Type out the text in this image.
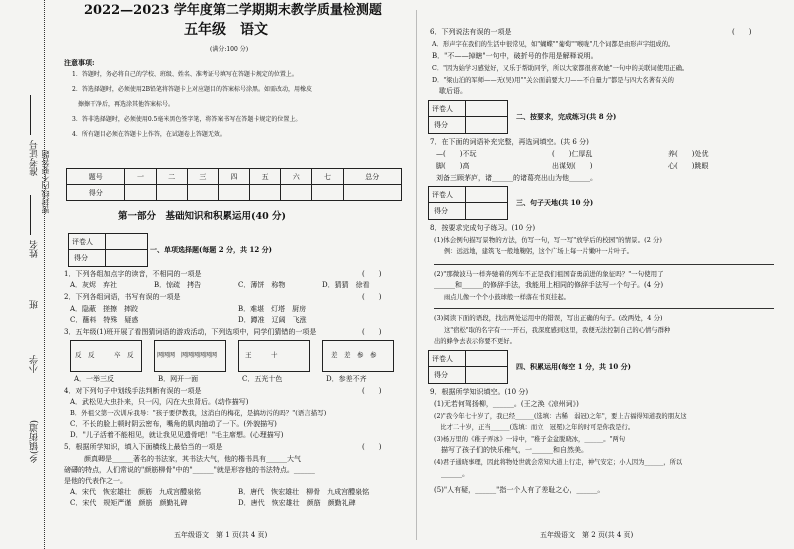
准考证号
姓名
班
小学
乡(镇街道)
密封线内不要答题
2022—2023 学年度第二学期期末教学质量检测题
五年级　语文
(满分:100 分)
注意事项:
1．答题时，务必将自己的学校、班级、姓名、准考证号填写在答题卡规定的位置上。
2．答选择题时，必须使用2B铅笔将答题卡上对应题目的答案标号涂黑。如需改动，用橡皮
　擦擦干净后，再选涂其他答案标号。
3．答非选择题时，必须使用0.5毫米黑色签字笔，将答案书写在答题卡规定的位置上。
4．所有题目必须在答题卡上作答，在试题卷上答题无效。
题号	一	二	三	四	五	六	七	总分
得分								
第一部分　基础知识和积累运用(40 分)
评卷人
得分
一、单项选择题(每题 2 分，共 12 分)
1．下列各组加点字的读音，不相同的一项是	(　　)
A．灰烬　弃社	B．惊疏　拷告	C．薄饼　称物	D．猜猜　徐看
2．下列各组词语，书写有误的一项是	(　　)
A．隐蔽　搓擦　摔跤	B．难堪　灯塔　厨房
C．蘸料　特殊　疑惑	D．蹲准　辽阔　飞涨
3．五年级(1)班开展了看图猜词语的游戏活动，下列选项中，同学们猜错的一项是	(　　)
反　反　　　卒　反	网网网　网网网网网网	王　　　十	差　差　参　参
A．一举三反	B．网开一面	C．五光十色	D．参差不齐
4．对下列句子中划线手法判断有误的一项是	(　　)
A．武松见大虫扑来，只一闪，闪在大虫背后。(动作描写)
B．外祖父第一次训斥我导："孩子要伊教我，这消白的梅花，是搞坊污的吗？"(语言描写)
C．不长的脸上顿时阴云密布，嘴角的肌肉抽动了一下。(外貌描写)
D．"儿子活着不能相见，就让我见见遗骨吧！"毛主席想。(心理描写)
5．根据所学知识，填入下面横线上最恰当的一项是	(　　)
　　颜真卿是______著名的书法家，其书法大气，他的楷书具有______大气
磅礴的特点，人们常说的"颜筋柳骨"中的"______"就是形容他的书法特点。______
是他的代表作之一。
A．宋代　恢宏雄壮　颜筋　九成宫醴泉铭	B．唐代　恢宏雄壮　柳骨　九成宫醴泉铭
C．宋代　规矩严谨　颜筋　颜勤礼碑	D．唐代　恢宏雄壮　颜筋　颜勤礼碑
五年级语文　第 1 页(共 4 页)
6．下列说法有误的一项是	(　　)
A．形声字在我们的生活中很常见，如"蝴蝶""葡萄""喉咙"几个词都是由形声字组成的。
B．"不——掉瞎"一句中，破折号的作用是解释说明。
C．"因为始学习感觉好，又乐于帮助同学，所以大家都很喜欢她"一句中的关联词使用正确。
D．"梁山泊的军师——无(吴)用""关公面前要大刀——不自量力"都是与四大名著有关的
　歇后语。
评卷人
得分
二、按要求，完成练习(共 8 分)
7．在下面的词语补充完整，再选词填空。(共 6 分)
—(　　)不玩	(　　)仁厚乱	养(　　)处优
脚(　　)高	出谋划(　　)	心(　　)跳眼
刘备三顾茅庐，诸______的诸葛亮出山为他______。
评卷人
得分
三、句子天地(共 10 分)
8．按要求完成句子练习。(10 分)
(1)体会例句描写景物的方法，仿写一句，写一写"放学后的校园"的情景。(2 分)
例：远远地，建筑飞一般地鞠躬，这个广场上每一片嫩叶一片叶子。
(2)"那微波马一样奔驰着的列车不正是我们祖国奋勇前进的象征吗？"一句使用了
______和______的修辞手法，我能用上相同的修辞手法写一个句子。(4 分)
雨点儿像一个个小鼓球般一样落在书页挂起。
(3)阅读下面的语段，找出两处运用中的错误，写出正确的句子。(改两处，4 分)
这"宿松"取的名字有一一开石，我深度感到这里，我便无法控制自己的心情与群种
出的蜂争去表示你要不更好。
评卷人
得分
四、积累运用(每空 1 分，共 10 分)
9．根据所学知识填空。(10 分)
(1)无若何驾扬柳，______。(王之涣《凉州词》)
(2)"我今年七十岁了，我已经______(选填：古稀　弱冠)之年"，要上吉福得知道我的朋友这
　比才二十岁，正当______(选填：而立　冠冕)之年的时可是你我是行。
(3)杨万里的《稚子弄冰》一诗中，"稚子金盆脱晓冰，______。"两句
　描写了孩子们的快乐稚气，一______和自然美。
(4)君子通晓事理，因此将物处世就会常知大道上行走，神气安定；小人因为______，所以
　______。
(5)"人有疑，______"指一个人有了差耻之心，______。
五年级语文　第 2 页(共 4 页)
